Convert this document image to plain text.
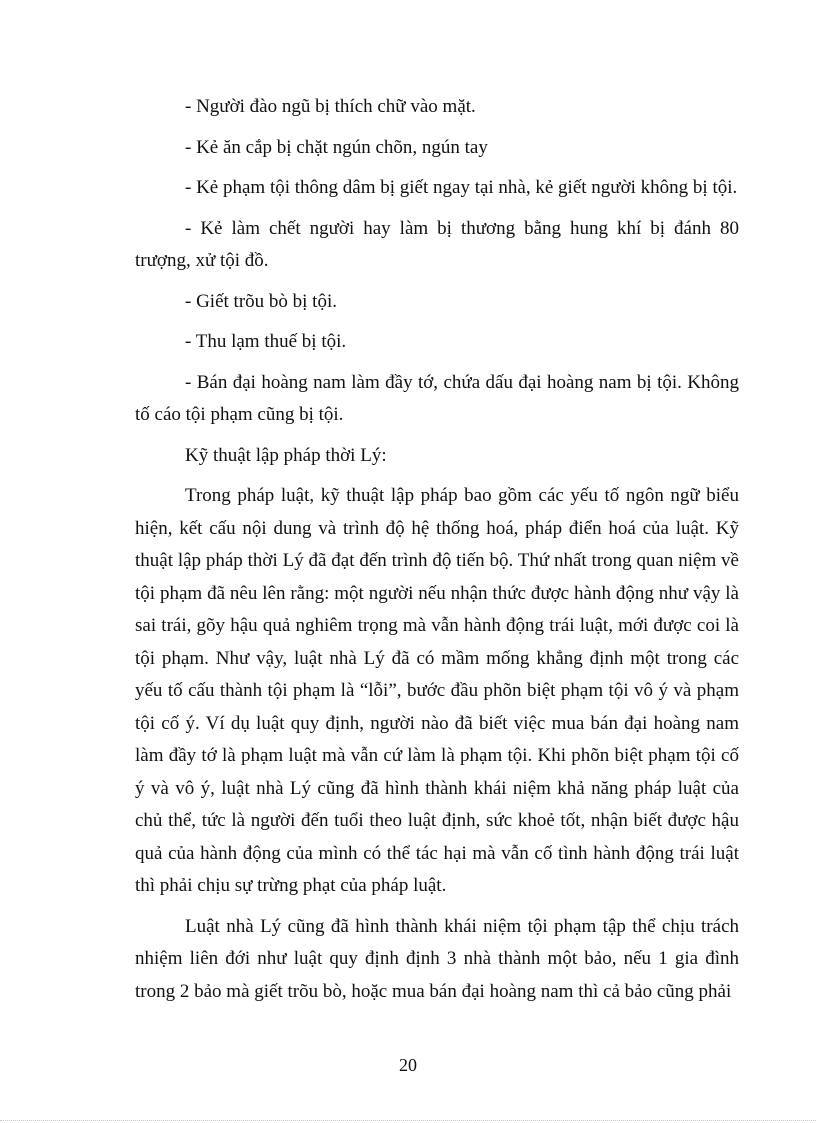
- Người đào ngũ bị thích chữ vào mặt.

- Kẻ ăn cắp bị chặt ngún chõn, ngún tay

- Kẻ phạm tội thông dâm bị giết ngay tại nhà, kẻ giết người không bị tội.

- Kẻ làm chết người hay làm bị thương bằng hung khí bị đánh 80 trượng, xử tội đồ.

- Giết trõu bò bị tội.

- Thu lạm thuế bị tội.

- Bán đại hoàng nam làm đầy tớ, chứa dấu đại hoàng nam bị tội. Không tố cáo tội phạm cũng bị tội.

Kỹ thuật lập pháp thời Lý:

Trong pháp luật, kỹ thuật lập pháp bao gồm các yếu tố ngôn ngữ biểu hiện, kết cấu nội dung và trình độ hệ thống hoá, pháp điển hoá của luật. Kỹ thuật lập pháp thời Lý đã đạt đến trình độ tiến bộ. Thứ nhất trong quan niệm về tội phạm đã nêu lên rằng: một người nếu nhận thức được hành động như vậy là sai trái, gõy hậu quả nghiêm trọng mà vẫn hành động trái luật, mới được coi là tội phạm. Như vậy, luật nhà Lý đã có mầm mống khẳng định một trong các yếu tố cấu thành tội phạm là “lỗi”, bước đầu phõn biệt phạm tội vô ý và phạm tội cố ý. Ví dụ luật quy định, người nào đã biết việc mua bán đại hoàng nam làm đầy tớ là phạm luật mà vẫn cứ làm là phạm tội. Khi phõn biệt phạm tội cố ý và vô ý, luật nhà Lý cũng đã hình thành khái niệm khả năng pháp luật của chủ thể, tức là người đến tuổi theo luật định, sức khoẻ tốt, nhận biết được hậu quả của hành động của mình có thể tác hại mà vẫn cố tình hành động trái luật thì phải chịu sự trừng phạt của pháp luật.

Luật nhà Lý cũng đã hình thành khái niệm tội phạm tập thể chịu trách nhiệm liên đới như luật quy định định 3 nhà thành một bảo, nếu 1 gia đình trong 2 bảo mà giết trõu bò, hoặc mua bán đại hoàng nam thì cả bảo cũng phải

20
